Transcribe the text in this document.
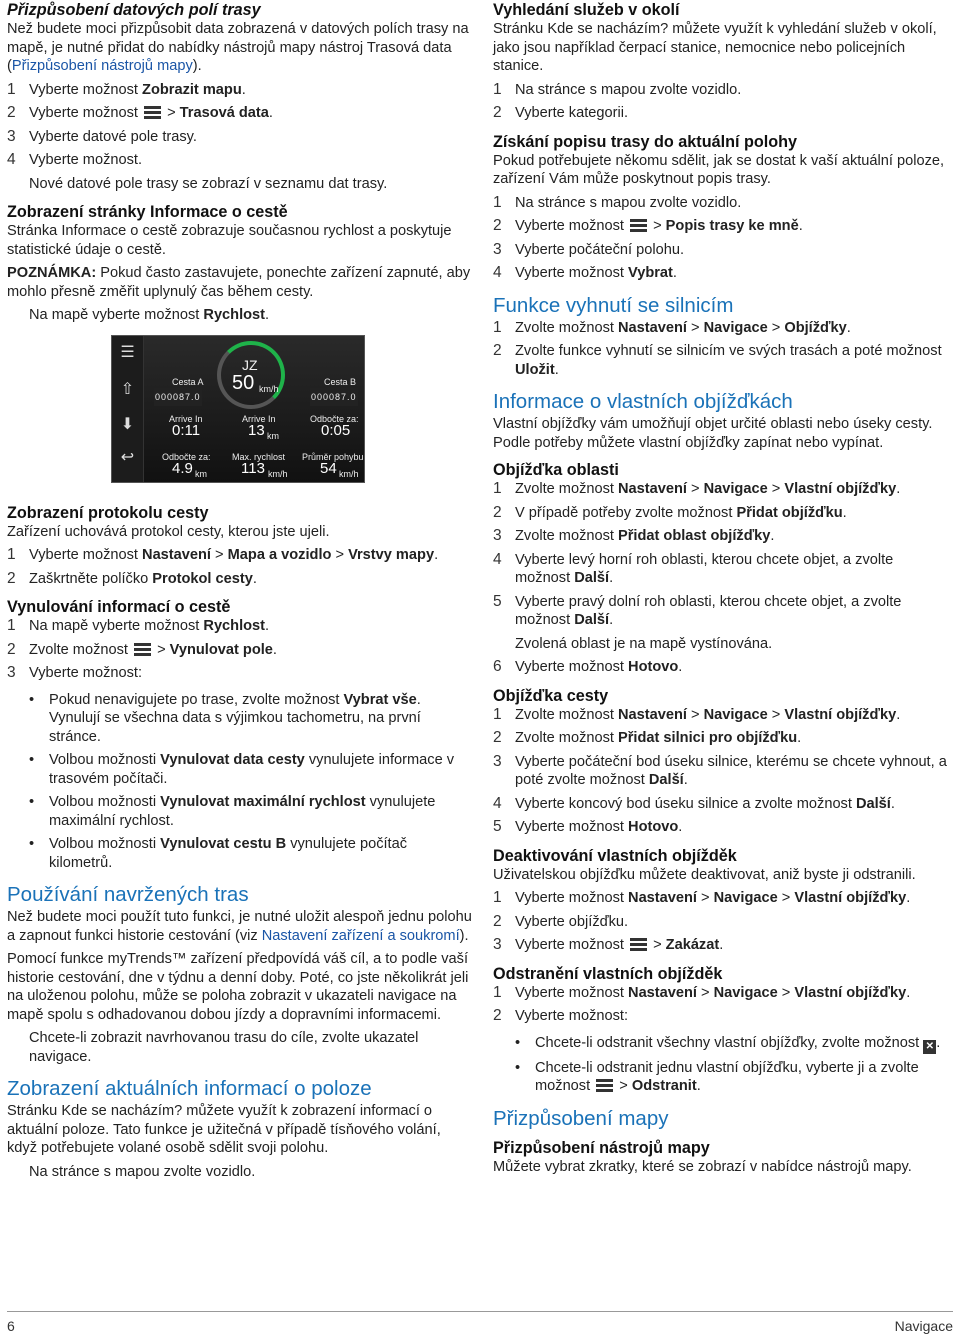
Přizpůsobení datových polí trasy

Než budete moci přizpůsobit data zobrazená v datových polích trasy na mapě, je nutné přidat do nabídky nástrojů mapy nástroj Trasová data (Přizpůsobení nástrojů mapy).

1 Vyberte možnost Zobrazit mapu.
2 Vyberte možnost  > Trasová data.
3 Vyberte datové pole trasy.
4 Vyberte možnost.

Nové datové pole trasy se zobrazí v seznamu dat trasy.

Zobrazení stránky Informace o cestě

Stránka Informace o cestě zobrazuje současnou rychlost a poskytuje statistické údaje o cestě.

POZNÁMKA: Pokud často zastavujete, ponechte zařízení zapnuté, aby mohlo přesně změřit uplynulý čas během cesty.

Na mapě vyberte možnost Rychlost.

☰
⇧
⬇
↩
JZ
50 km/h
Cesta A
000087.0
Cesta B
000087.0
Arrive In
0:11
Arrive In
13 km
Odbočte za:
0:05
Odbočte za:
4.9 km
Max. rychlost
113 km/h
Průměr pohybu
54 km/h
Zobrazení protokolu cesty

Zařízení uchovává protokol cesty, kterou jste ujeli.

1 Vyberte možnost Nastavení > Mapa a vozidlo > Vrstvy mapy.
2 Zaškrtněte políčko Protokol cesty.
Vynulování informací o cestě
1 Na mapě vyberte možnost Rychlost.
2 Zvolte možnost  > Vynulovat pole.
3 Vyberte možnost:
•	Pokud nenavigujete po trase, zvolte možnost Vybrat vše. Vynulují se všechna data s výjimkou tachometru, na první stránce.
•	Volbou možnosti Vynulovat data cesty vynulujete informace v trasovém počítači.
•	Volbou možnosti Vynulovat maximální rychlost vynulujete maximální rychlost.
•	Volbou možnosti Vynulovat cestu B vynulujete počítač kilometrů.
Používání navržených tras

Než budete moci použít tuto funkci, je nutné uložit alespoň jednu polohu a zapnout funkci historie cestování (viz Nastavení zařízení a soukromí).

Pomocí funkce myTrends™ zařízení předpovídá váš cíl, a to podle vaší historie cestování, dne v týdnu a denní doby. Poté, co jste několikrát jeli na uloženou polohu, může se poloha zobrazit v ukazateli navigace na mapě spolu s odhadovanou dobou jízdy a dopravními informacemi.

Chcete-li zobrazit navrhovanou trasu do cíle, zvolte ukazatel navigace.

Zobrazení aktuálních informací o poloze

Stránku Kde se nacházím? můžete využít k zobrazení informací o aktuální poloze. Tato funkce je užitečná v případě tísňového volání, když potřebujete volané osobě sdělit svoji polohu.

Na stránce s mapou zvolte vozidlo.

Vyhledání služeb v okolí

Stránku Kde se nacházím? můžete využít k vyhledání služeb v okolí, jako jsou například čerpací stanice, nemocnice nebo policejních stanice.

1 Na stránce s mapou zvolte vozidlo.
2 Vyberte kategorii.
Získání popisu trasy do aktuální polohy

Pokud potřebujete někomu sdělit, jak se dostat k vaší aktuální poloze, zařízení Vám může poskytnout popis trasy.

1 Na stránce s mapou zvolte vozidlo.
2 Vyberte možnost  > Popis trasy ke mně.
3 Vyberte počáteční polohu.
4 Vyberte možnost Vybrat.
Funkce vyhnutí se silnicím
1 Zvolte možnost Nastavení > Navigace > Objížďky.
2 Zvolte funkce vyhnutí se silnicím ve svých trasách a poté možnost Uložit.
Informace o vlastních objížďkách

Vlastní objížďky vám umožňují objet určité oblasti nebo úseky cesty. Podle potřeby můžete vlastní objížďky zapínat nebo vypínat.

Objížďka oblasti
1 Zvolte možnost Nastavení > Navigace > Vlastní objížďky.
2 V případě potřeby zvolte možnost Přidat objížďku.
3 Zvolte možnost Přidat oblast objížďky.
4 Vyberte levý horní roh oblasti, kterou chcete objet, a zvolte možnost Další.
5 Vyberte pravý dolní roh oblasti, kterou chcete objet, a zvolte možnost Další.

Zvolená oblast je na mapě vystínována.

6 Vyberte možnost Hotovo.
Objížďka cesty
1 Zvolte možnost Nastavení > Navigace > Vlastní objížďky.
2 Zvolte možnost Přidat silnici pro objížďku.
3 Vyberte počáteční bod úseku silnice, kterému se chcete vyhnout, a poté zvolte možnost Další.
4 Vyberte koncový bod úseku silnice a zvolte možnost Další.
5 Vyberte možnost Hotovo.
Deaktivování vlastních objížděk

Uživatelskou objížďku můžete deaktivovat, aniž byste ji odstranili.

1 Vyberte možnost Nastavení > Navigace > Vlastní objížďky.
2 Vyberte objížďku.
3 Vyberte možnost  > Zakázat.
Odstranění vlastních objížděk
1 Vyberte možnost Nastavení > Navigace > Vlastní objížďky.
2 Vyberte možnost:
•	Chcete-li odstranit všechny vlastní objížďky, zvolte možnost ✕ .
•	Chcete-li odstranit jednu vlastní objížďku, vyberte ji a zvolte možnost  > Odstranit.
Přizpůsobení mapy
Přizpůsobení nástrojů mapy

Můžete vybrat zkratky, které se zobrazí v nabídce nástrojů mapy.

6	Navigace
